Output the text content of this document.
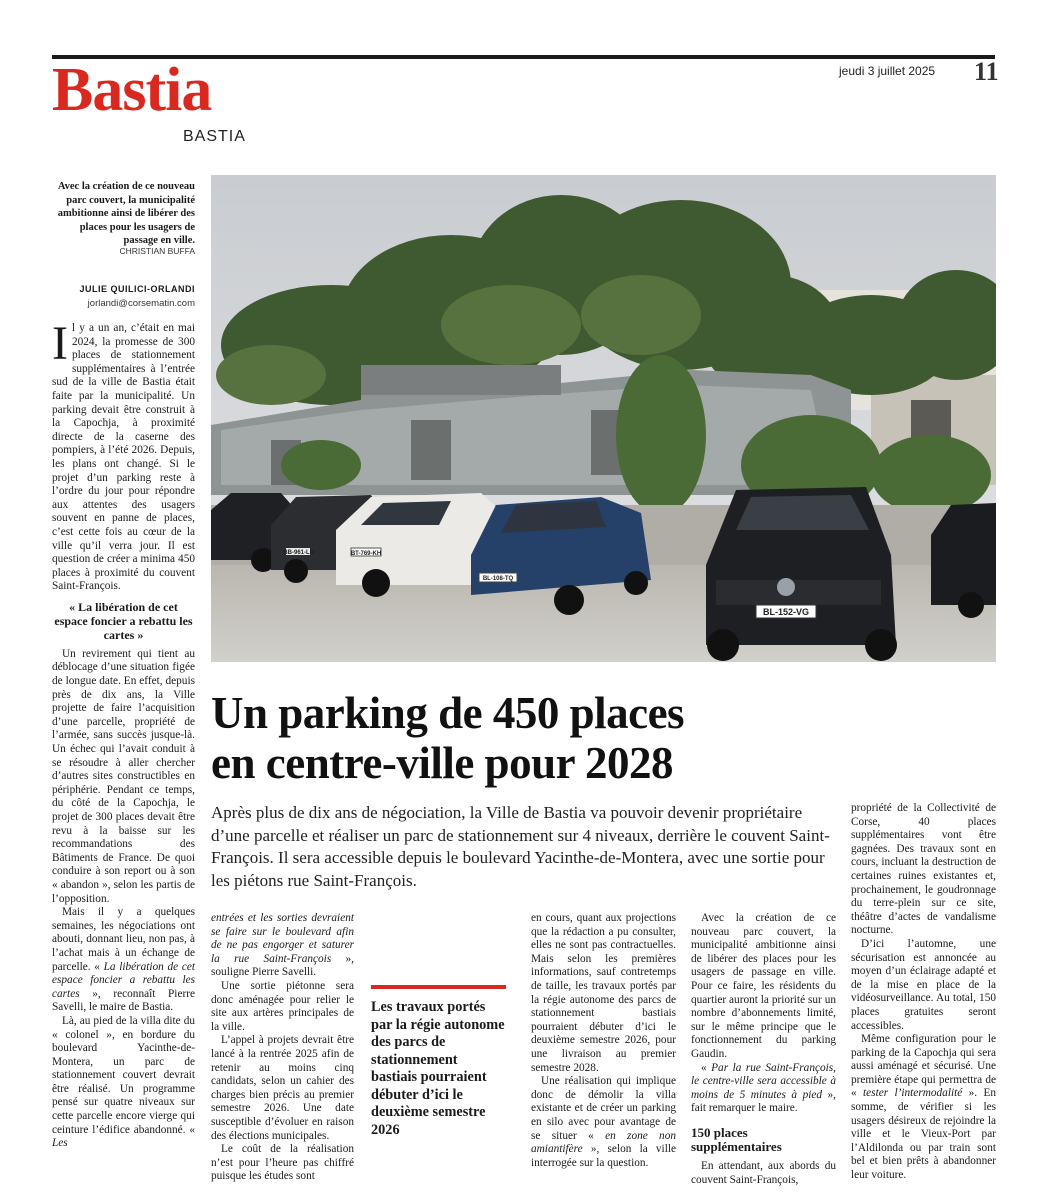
Bastia
BASTIA
jeudi 3 juillet 2025 11
Avec la création de ce nouveau parc couvert, la municipalité ambitionne ainsi de libérer des places pour les usagers de passage en ville.
CHRISTIAN BUFFA
JULIE QUILICI-ORLANDI
jorlandi@corsematin.com
BL-152-VG
BL-108-TQ
BT-769-KH
BB-961-LM

Il y a un an, c’était en mai 2024, la promesse de 300 places de stationnement supplémentaires à l’entrée sud de la ville de Bastia était faite par la municipalité. Un parking devait être construit à la Capochja, à proximité directe de la caserne des pompiers, à l’été 2026. Depuis, les plans ont changé. Si le projet d’un parking reste à l’ordre du jour pour répondre aux attentes des usagers souvent en panne de places, c’est cette fois au cœur de la ville qu’il verra jour. Il est question de créer a minima 450 places à proximité du couvent Saint-François.

« La libération de cet espace foncier a rebattu les cartes »

Un revirement qui tient au déblocage d’une situation figée de longue date. En effet, depuis près de dix ans, la Ville projette de faire l’acquisition d’une parcelle, propriété de l’armée, sans succès jusque-là. Un échec qui l’avait conduit à se résoudre à aller chercher d’autres sites constructibles en périphérie. Pendant ce temps, du côté de la Capochja, le projet de 300 places devait être revu à la baisse sur les recommandations des Bâtiments de France. De quoi conduire à son report ou à son « abandon », selon les partis de l’opposition.

Mais il y a quelques semaines, les négociations ont abouti, donnant lieu, non pas, à l’achat mais à un échange de parcelle. « La libération de cet espace foncier a rebattu les cartes », reconnaît Pierre Savelli, le maire de Bastia.

Là, au pied de la villa dite du « colonel », en bordure du boulevard Yacinthe-de-Montera, un parc de stationnement couvert devrait être réalisé. Un programme pensé sur quatre niveaux sur cette parcelle encore vierge qui ceinture l’édifice abandonné. « Les

Un parking de 450 places
en centre-ville pour 2028
Après plus de dix ans de négociation, la Ville de Bastia va pouvoir devenir propriétaire d’une parcelle et réaliser un parc de stationnement sur 4 niveaux, derrière le couvent Saint-François. Il sera accessible depuis le boulevard Yacinthe-de-Montera, avec une sortie pour les piétons rue Saint-François.

entrées et les sorties devraient se faire sur le boulevard afin de ne pas engorger et saturer la rue Saint-François », souligne Pierre Savelli.

Une sortie piétonne sera donc aménagée pour relier le site aux artères principales de la ville.

L’appel à projets devrait être lancé à la rentrée 2025 afin de retenir au moins cinq candidats, selon un cahier des charges bien précis au premier semestre 2026. Une date susceptible d’évoluer en raison des élections municipales.

Le coût de la réalisation n’est pour l’heure pas chiffré puisque les études sont

Les travaux portés par la régie autonome des parcs de stationnement bastiais pourraient débuter d’ici le deuxième semestre 2026

en cours, quant aux projections que la rédaction a pu consulter, elles ne sont pas contractuelles. Mais selon les premières informations, sauf contretemps de taille, les travaux portés par la régie autonome des parcs de stationnement bastiais pourraient débuter d’ici le deuxième semestre 2026, pour une livraison au premier semestre 2028.

Une réalisation qui implique donc de démolir la villa existante et de créer un parking en silo avec pour avantage de se situer « en zone non amiantifère », selon la ville interrogée sur la question.

Avec la création de ce nouveau parc couvert, la municipalité ambitionne ainsi de libérer des places pour les usagers de passage en ville. Pour ce faire, les résidents du quartier auront la priorité sur un nombre d’abonnements limité, sur le même principe que le fonctionnement du parking Gaudin.

« Par la rue Saint-François, le centre-ville sera accessible à moins de 5 minutes à pied », fait remarquer le maire.

150 places supplémentaires

En attendant, aux abords du couvent Saint-François,

propriété de la Collectivité de Corse, 40 places supplémentaires vont être gagnées. Des travaux sont en cours, incluant la destruction de certaines ruines existantes et, prochainement, le goudronnage du terre-plein sur ce site, théâtre d’actes de vandalisme nocturne.

D’ici l’automne, une sécurisation est annoncée au moyen d’un éclairage adapté et de la mise en place de la vidéosurveillance. Au total, 150 places gratuites seront accessibles.

Même configuration pour le parking de la Capochja qui sera aussi aménagé et sécurisé. Une première étape qui permettra de « tester l’intermodalité ». En somme, de vérifier si les usagers désireux de rejoindre la ville et le Vieux-Port par l’Aldilonda ou par train sont bel et bien prêts à abandonner leur voiture.
